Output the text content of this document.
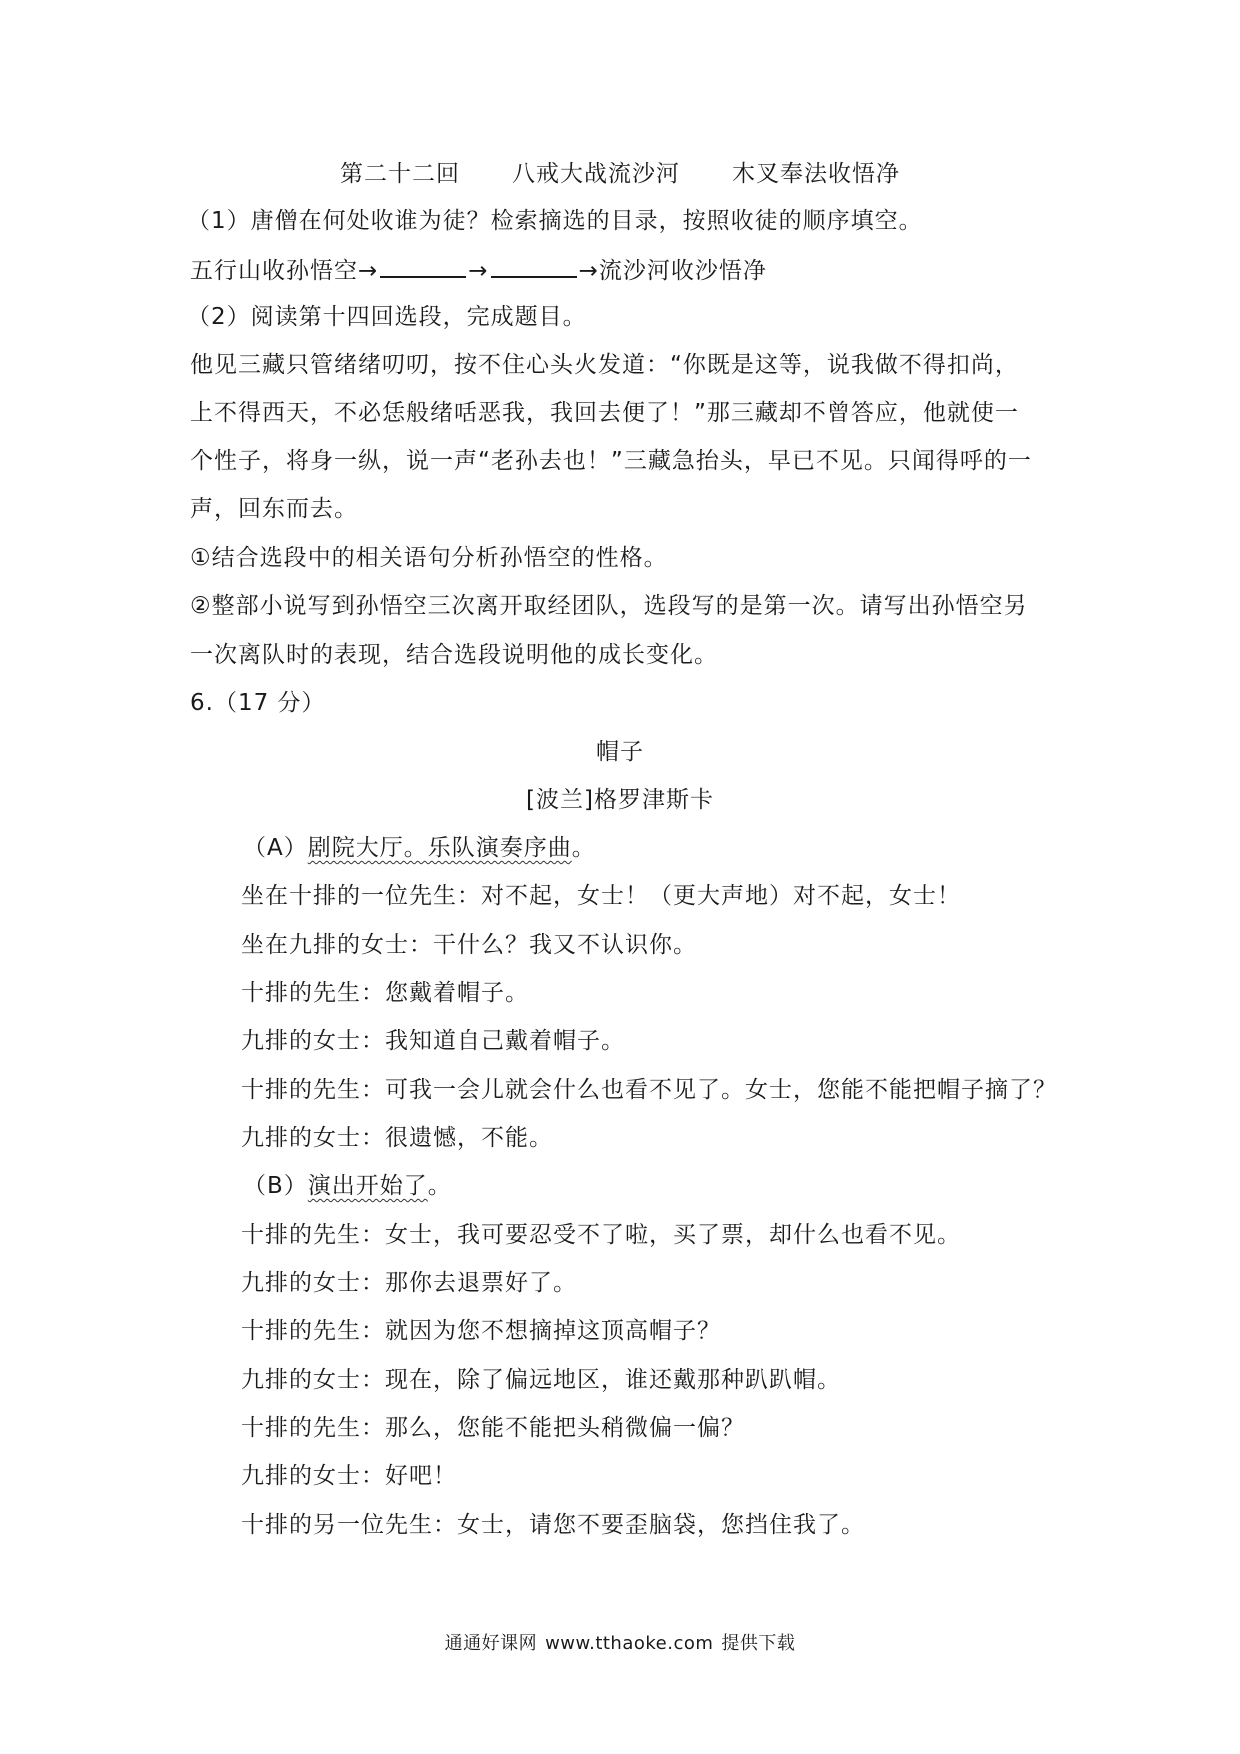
第二十二回 八戒大战流沙河 木叉奉法收悟净
（1）唐僧在何处收谁为徒？检索摘选的目录，按照收徒的顺序填空。
五行山收孙悟空→	→	→流沙河收沙悟净
（2）阅读第十四回选段，完成题目。
他见三藏只管绪绪叨叨，按不住心头火发道：“你既是这等，说我做不得扣尚，
上不得西天，不必恁般绪咶恶我，我回去便了！”那三藏却不曾答应，他就使一
个性子，将身一纵，说一声“老孙去也！”三藏急抬头，早已不见。只闻得呼的一
声，回东而去。
①结合选段中的相关语句分析孙悟空的性格。
②整部小说写到孙悟空三次离开取经团队，选段写的是第一次。请写出孙悟空另
一次离队时的表现，结合选段说明他的成长变化。
6.（17 分）
帽子
[波兰]格罗津斯卡
（A）剧院大厅。乐队演奏序曲。
坐在十排的一位先生：对不起，女士！（更大声地）对不起，女士！
坐在九排的女士：干什么？我又不认识你。
十排的先生：您戴着帽子。
九排的女士：我知道自己戴着帽子。
十排的先生：可我一会儿就会什么也看不见了。女士，您能不能把帽子摘了？
九排的女士：很遗憾，不能。
（B）演出开始了。
十排的先生：女士，我可要忍受不了啦，买了票，却什么也看不见。
九排的女士：那你去退票好了。
十排的先生：就因为您不想摘掉这顶高帽子？
九排的女士：现在，除了偏远地区，谁还戴那种趴趴帽。
十排的先生：那么，您能不能把头稍微偏一偏？
九排的女士：好吧！
十排的另一位先生：女士，请您不要歪脑袋，您挡住我了。
通通好课网 www.tthaoke.com 提供下载
